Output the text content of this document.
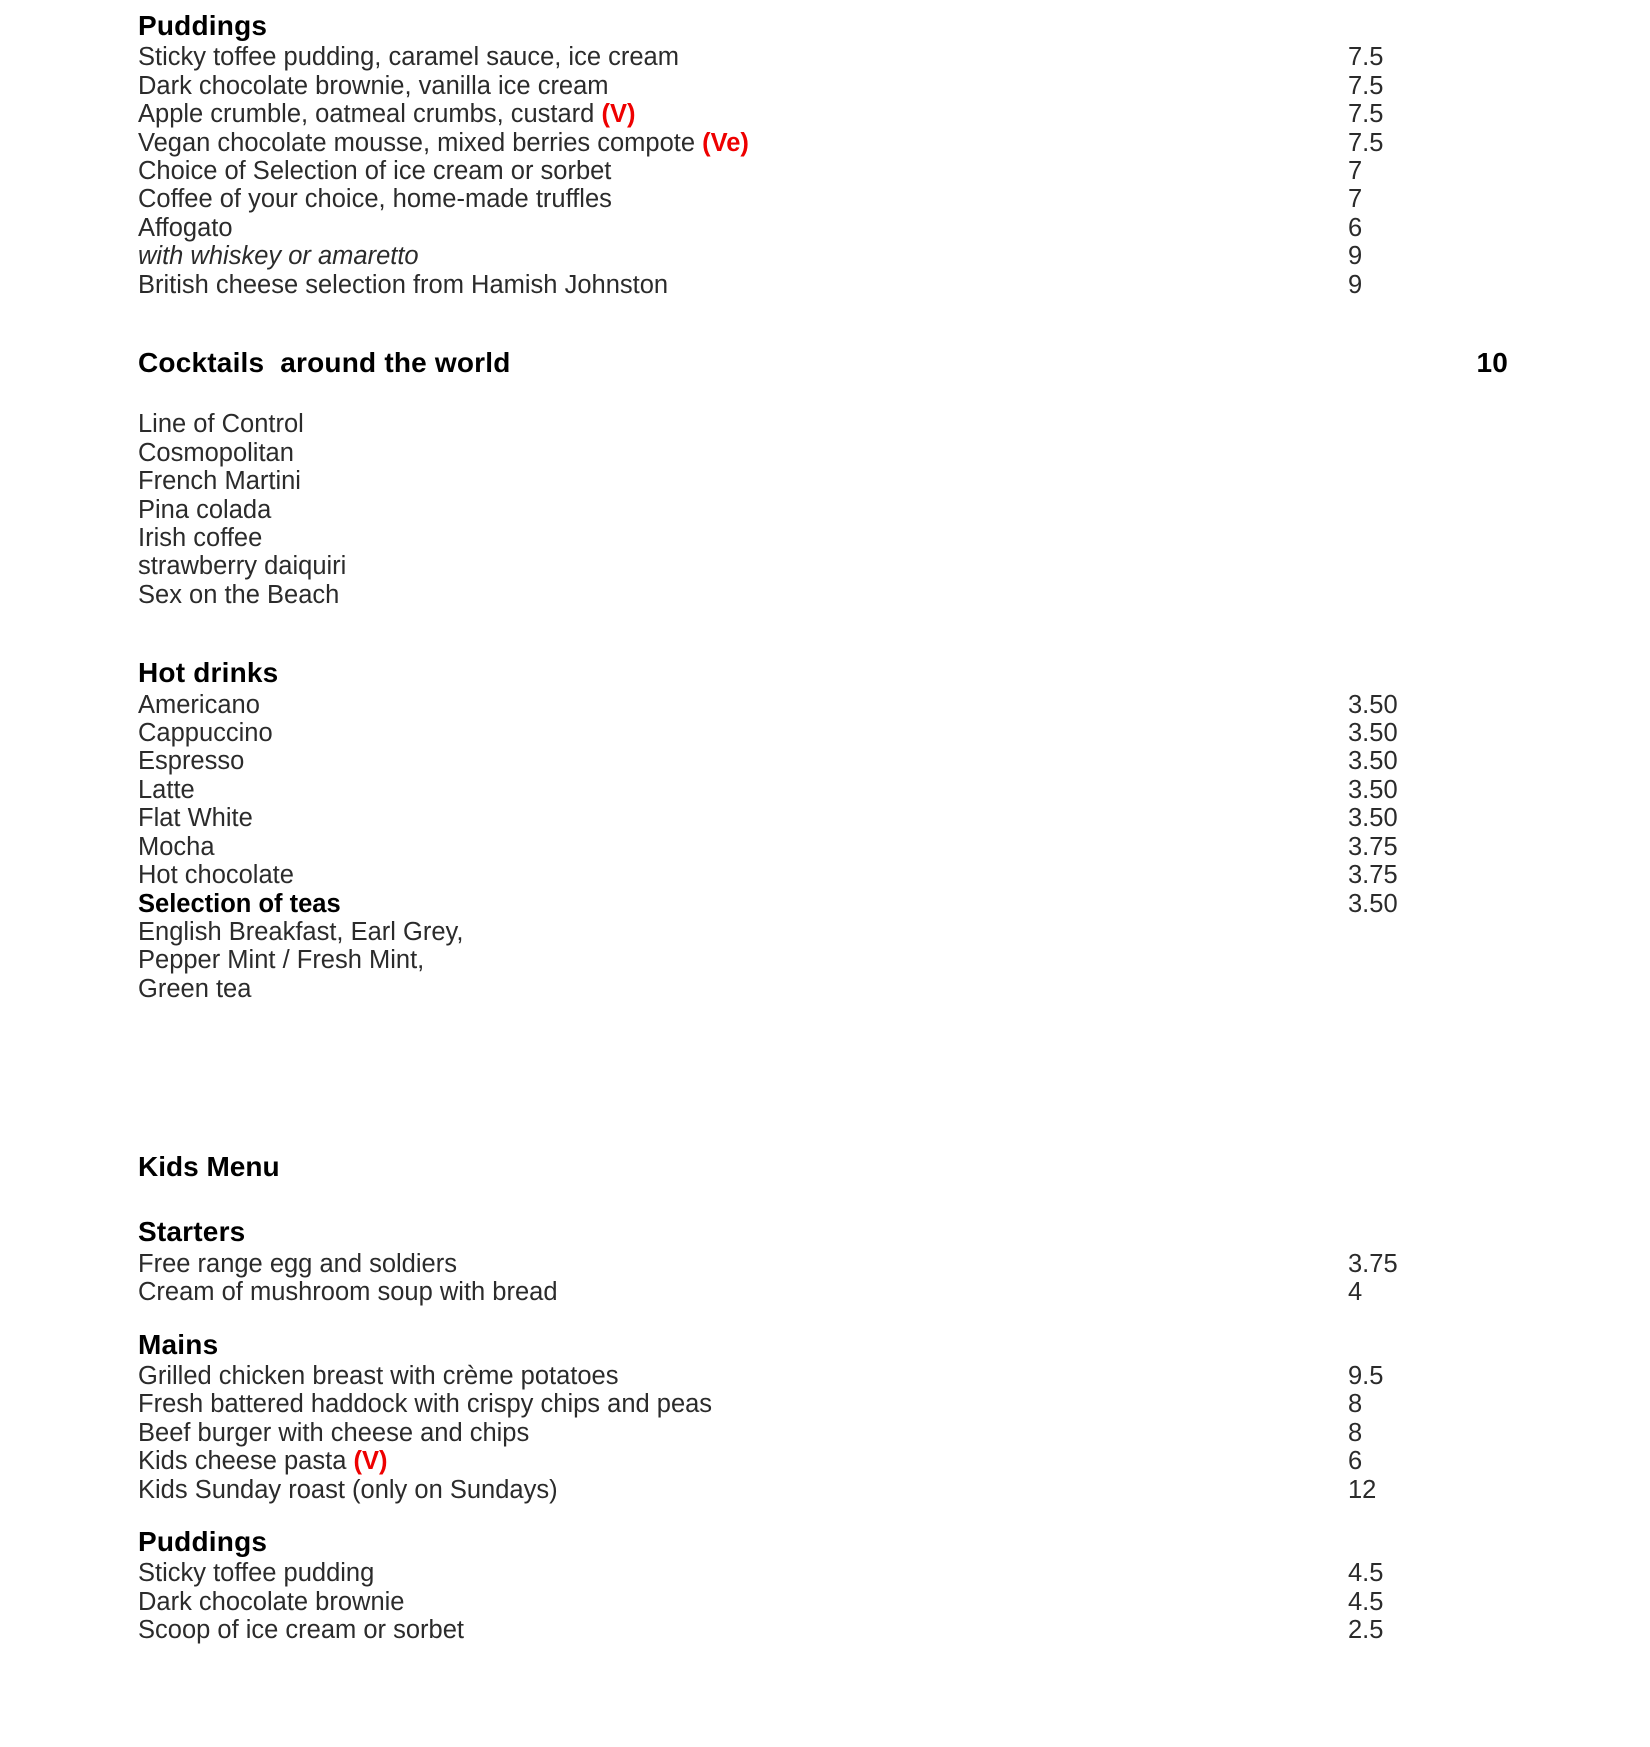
Puddings
Sticky toffee pudding, caramel sauce, ice cream	7.5
Dark chocolate brownie, vanilla ice cream	7.5
Apple crumble, oatmeal crumbs, custard (V)	7.5
Vegan chocolate mousse, mixed berries compote (Ve)	7.5
Choice of Selection of ice cream or sorbet	7
Coffee of your choice, home-made truffles	7
Affogato	6
with whiskey or amaretto	9
British cheese selection from Hamish Johnston	9
Cocktails  around the world	10
Line of Control
Cosmopolitan
French Martini
Pina colada
Irish coffee
strawberry daiquiri
Sex on the Beach
Hot drinks
Americano	3.50
Cappuccino	3.50
Espresso	3.50
Latte	3.50
Flat White	3.50
Mocha	3.75
Hot chocolate	3.75
Selection of teas	3.50
English Breakfast, Earl Grey,
Pepper Mint / Fresh Mint,
Green tea
Kids Menu
Starters
Free range egg and soldiers	3.75
Cream of mushroom soup with bread	4
Mains
Grilled chicken breast with crème potatoes	9.5
Fresh battered haddock with crispy chips and peas	8
Beef burger with cheese and chips	8
Kids cheese pasta (V)	6
Kids Sunday roast (only on Sundays)	12
Puddings
Sticky toffee pudding	4.5
Dark chocolate brownie	4.5
Scoop of ice cream or sorbet	2.5
